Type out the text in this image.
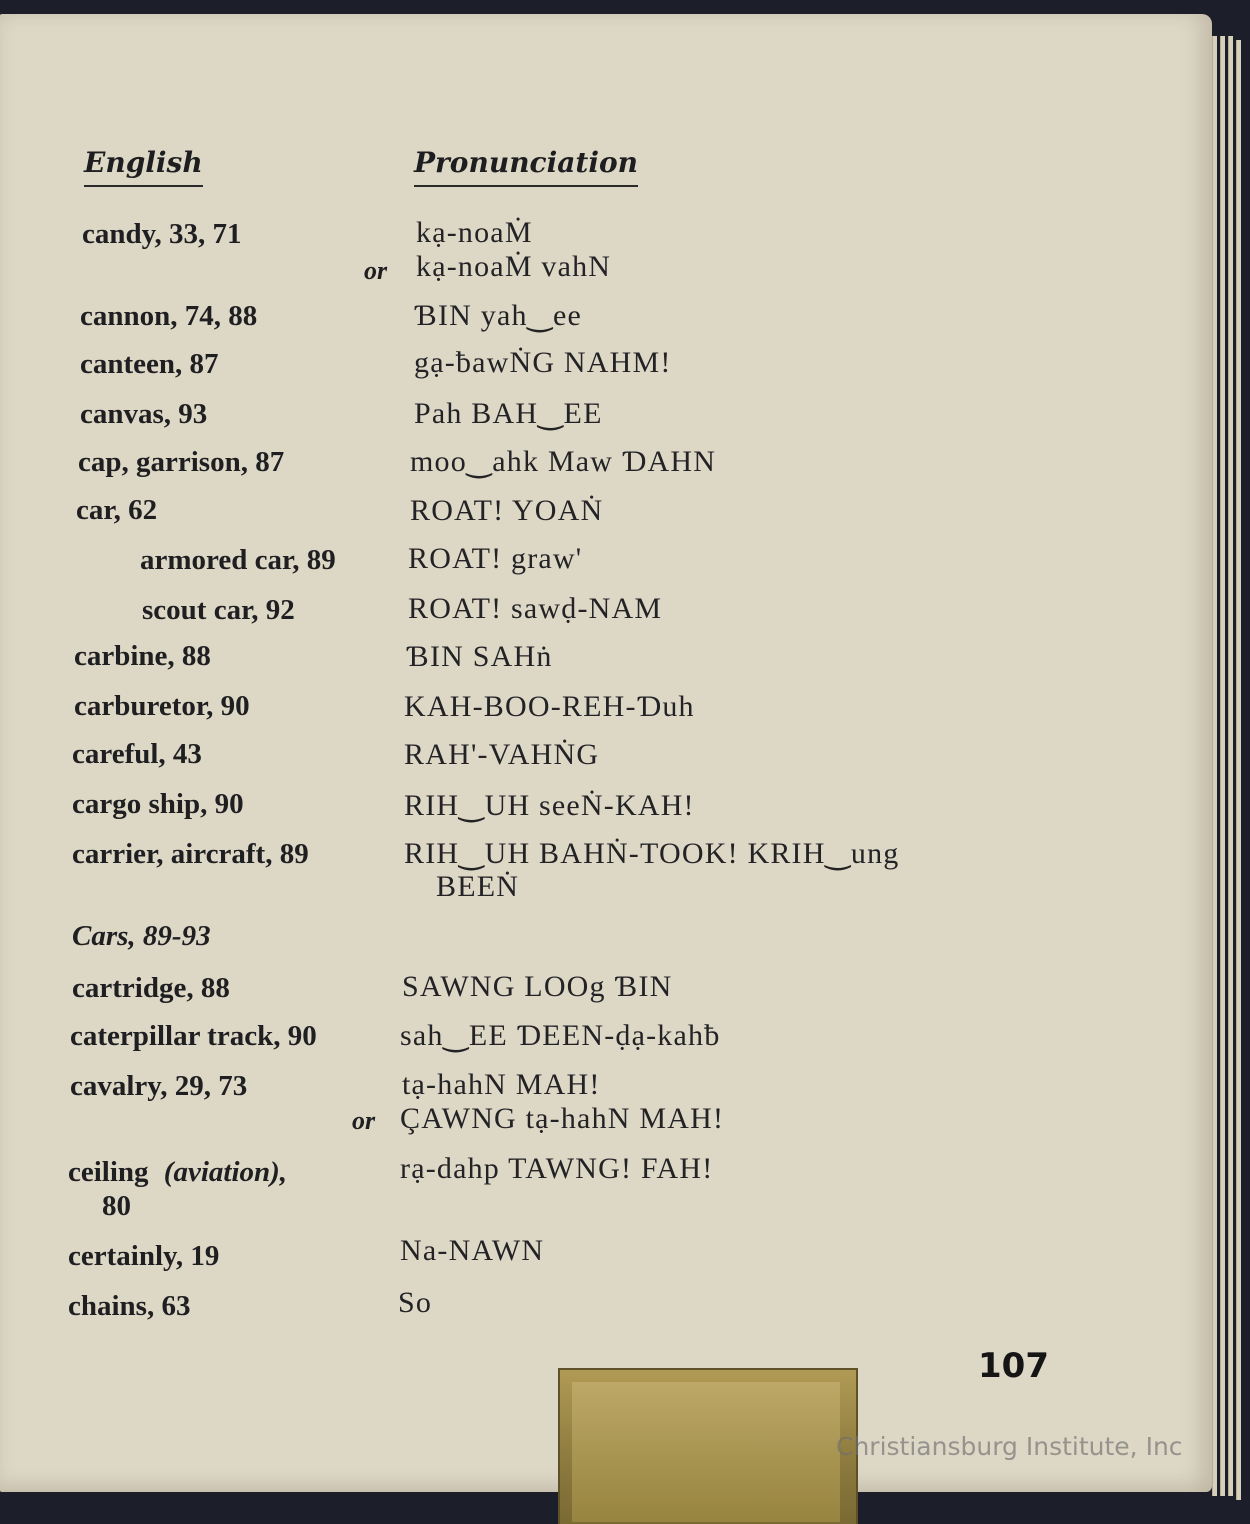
English	Pronunciation
candy, 33, 71	kạ-noaṀ
or kạ-noaṀ vahN
cannon, 74, 88	ƁIN yah‿ee
canteen, 87	gạ-ƀawṄG NAHM!
canvas, 93	Pah BAH‿EE
cap, garrison, 87	moo‿ahk Maw ƊAHN
car, 62	ROAT! YOAṄ
armored car, 89 ROAT! graw'
scout car, 92	ROAT! sawḍ-NAM
carbine, 88	ƁIN SAHṅ
carburetor, 90	KAH-BOO-REH-Ɗuh
careful, 43	RAH'-VAHṄG
cargo ship, 90	RIH‿UH seeṄ-KAH!
carrier, aircraft, 89	RIH‿UH BAHṄ-TOOK! KRIH‿ung
BEEṄ
Cars, 89-93
cartridge, 88	SAWNG LOOg ƁIN
caterpillar track, 90	sah‿EE ƊEEN-ḍạ-kahƀ
cavalry, 29, 73	tạ-hahN MAH!
or ÇAWNG tạ-hahN MAH!
ceiling (aviation),	rạ-dahp TAWNG! FAH!
80
certainly, 19	Na-NAWN
chains, 63	So
107
Christiansburg Institute, Inc
